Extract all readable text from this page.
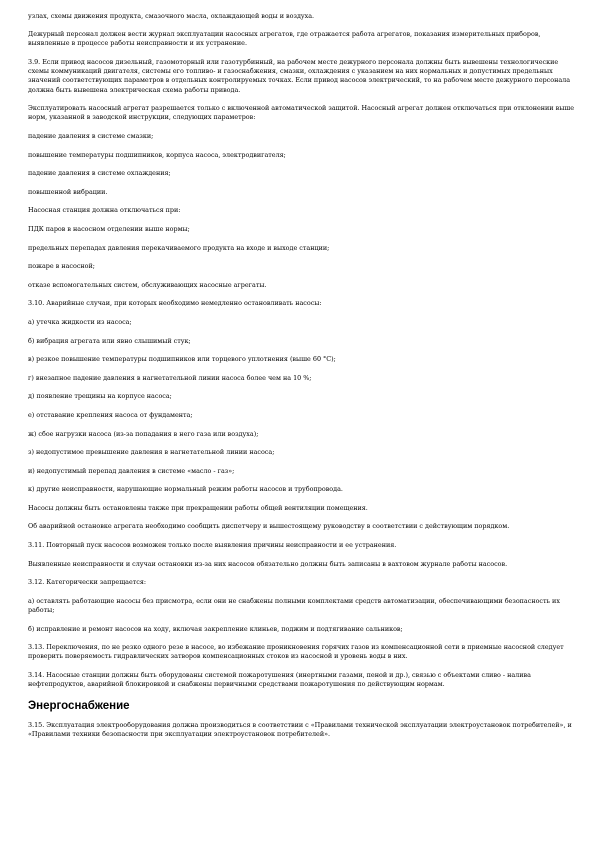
узлах, схемы движения продукта, смазочного масла, охлаждающей воды и воздуха.

Дежурный персонал должен вести журнал эксплуатации насосных агрегатов, где отражается работа агрегатов, показания измерительных приборов, выявленные в процессе работы неисправности и их устранение.

3.9. Если привод насосов дизельный, газомоторный или газотурбинный, на рабочем месте дежурного персонала должны быть вывешены технологические схемы коммуникаций двигателя, системы его топливо- и газоснабжения, смазки, охлаждения с указанием на них нормальных и допустимых предельных значений соответствующих параметров в отдельных контролируемых точках. Если привод насосов электрический, то на рабочем месте дежурного персонала должна быть вывешена электрическая схема работы привода.

Эксплуатировать насосный агрегат разрешается только с включенной автоматической защитой. Насосный агрегат должен отключаться при отклонении выше норм, указанной в заводской инструкции, следующих параметров:

падение давления в системе смазки;

повышение температуры подшипников, корпуса насоса, электродвигателя;

падение давления в системе охлаждения;

повышенной вибрации.

Насосная станция должна отключаться при:

ПДК паров в насосном отделении выше нормы;

предельных перепадах давления перекачиваемого продукта на входе и выходе станции;

пожаре в насосной;

отказе вспомогательных систем, обслуживающих насосные агрегаты.

3.10. Аварийные случаи, при которых необходимо немедленно остановливать насосы:

а) утечка жидкости из насоса;

б) вибрация агрегата или явно слышимый стук;

в) резкое повышение температуры подшипников или торцевого уплотнения (выше 60 °С);

г) внезапное падение давления в нагнетательной линии насоса более чем на 10 %;

д) появление трещины на корпусе насоса;

е) отставание крепления насоса от фундамента;

ж) сбое нагрузки насоса (из-за попадания в него газа или воздуха);

з) недопустимое превышение давления в нагнетательной линии насоса;

и) недопустимый перепад давления в системе «масло - газ»;

к) другие неисправности, нарушающие нормальный режим работы насосов и трубопровода.

Насосы должны быть остановлены также при прекращении работы общей вентиляции помещения.

Об аварийной остановке агрегата необходимо сообщить диспетчеру и вышестоящему руководству в соответствии с действующим порядком.

3.11. Повторный пуск насосов возможен только после выявления причины неисправности и ее устранения.

Выявленные неисправности и случаи остановки из-за них насосов обязательно должны быть записаны в вахтовом журнале работы насосов.

3.12. Категорически запрещается:

а) оставлять работающие насосы без присмотра, если они не снабжены полными комплектами средств автоматизации, обеспечивающими безопасность их работы;

б) исправление и ремонт насосов на ходу, включая закрепление клиньев, поджим и подтягивание сальников;

3.13. Переключения, по не резко одного резе в насосе, во избежание проникновения горячих газов из компенсационной сети в приемные насосной следует проверить поверяемость гидравлических затворов компенсационных стоков из насосной и уровень воды в них.

3.14. Насосные станции должны быть оборудованы системой пожаротушения (инертными газами, пеной и др.), связью с объектами сливо - налива нефтепродуктов, аварийной блокировкой и снабжены первичными средствами пожаротушения по действующим нормам.

Энергоснабжение

3.15. Эксплуатация электрооборудования должна производиться в соответствии с «Правилами технической эксплуатации электроустановок потребителей», и «Правилами техники безопасности при эксплуатации электроустановок потребителей».
